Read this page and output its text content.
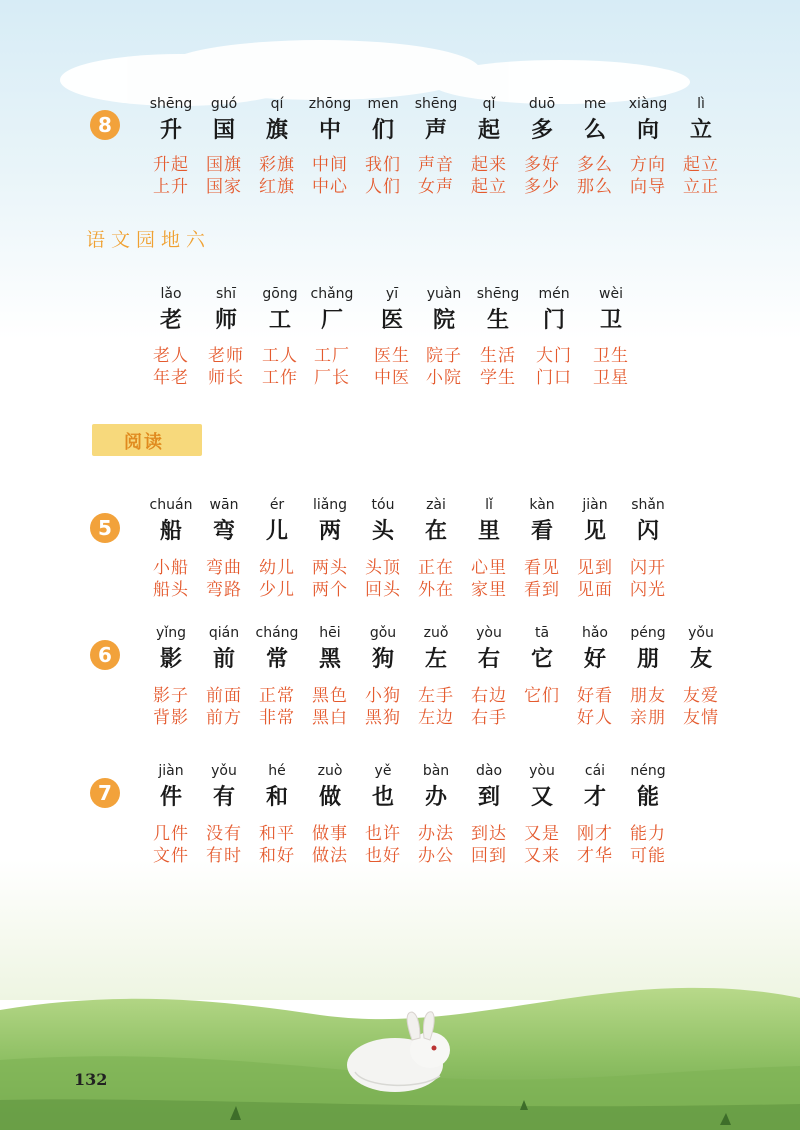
8
shēng
升
升起
上升
guó
国
国旗
国家
qí
旗
彩旗
红旗
zhōng
中
中间
中心
men
们
我们
人们
shēng
声
声音
女声
qǐ
起
起来
起立
duō
多
多好
多少
me
么
多么
那么
xiàng
向
方向
向导
lì
立
起立
立正
语文园地六
lǎo
老
老人
年老
shī
师
老师
师长
gōng
工
工人
工作
chǎng
厂
工厂
厂长
yī
医
医生
中医
yuàn
院
院子
小院
shēng
生
生活
学生
mén
门
大门
门口
wèi
卫
卫生
卫星
阅读
5
chuán
船
小船
船头
wān
弯
弯曲
弯路
ér
儿
幼儿
少儿
liǎng
两
两头
两个
tóu
头
头顶
回头
zài
在
正在
外在
lǐ
里
心里
家里
kàn
看
看见
看到
jiàn
见
见到
见面
shǎn
闪
闪开
闪光
6
yǐng
影
影子
背影
qián
前
前面
前方
cháng
常
正常
非常
hēi
黑
黑色
黑白
gǒu
狗
小狗
黑狗
zuǒ
左
左手
左边
yòu
右
右边
右手
tā
它
它们
hǎo
好
好看
好人
péng
朋
朋友
亲朋
yǒu
友
友爱
友情
7
jiàn
件
几件
文件
yǒu
有
没有
有时
hé
和
和平
和好
zuò
做
做事
做法
yě
也
也许
也好
bàn
办
办法
办公
dào
到
到达
回到
yòu
又
又是
又来
cái
才
刚才
才华
néng
能
能力
可能
132
